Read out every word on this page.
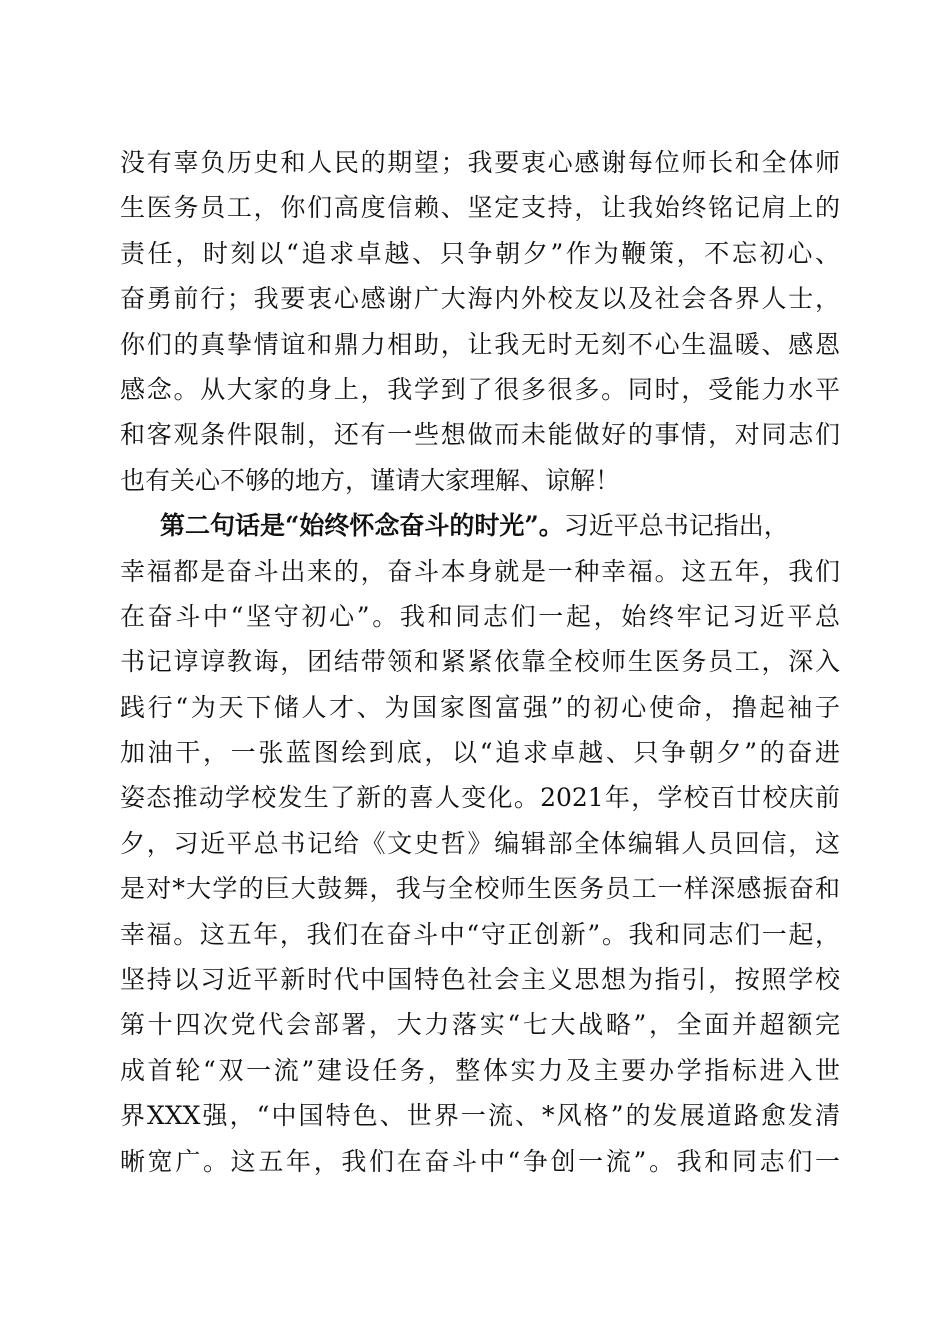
没有辜负历史和人民的期望；我要衷心感谢每位师长和全体师
生医务员工，你们高度信赖、坚定支持，让我始终铭记肩上的
责任，时刻以“追求卓越、只争朝夕”作为鞭策，不忘初心、
奋勇前行；我要衷心感谢广大海内外校友以及社会各界人士，
你们的真挚情谊和鼎力相助，让我无时无刻不心生温暖、感恩
感念。从大家的身上，我学到了很多很多。同时，受能力水平
和客观条件限制，还有一些想做而未能做好的事情，对同志们
也有关心不够的地方，谨请大家理解、谅解！
第二句话是“始终怀念奋斗的时光”。习近平总书记指出，
幸福都是奋斗出来的，奋斗本身就是一种幸福。这五年，我们
在奋斗中“坚守初心”。我和同志们一起，始终牢记习近平总
书记谆谆教诲，团结带领和紧紧依靠全校师生医务员工，深入
践行“为天下储人才、为国家图富强”的初心使命，撸起袖子
加油干，一张蓝图绘到底，以“追求卓越、只争朝夕”的奋进
姿态推动学校发生了新的喜人变化。2021年，学校百廿校庆前
夕，习近平总书记给《文史哲》编辑部全体编辑人员回信，这
是对*大学的巨大鼓舞，我与全校师生医务员工一样深感振奋和
幸福。这五年，我们在奋斗中“守正创新”。我和同志们一起，
坚持以习近平新时代中国特色社会主义思想为指引，按照学校
第十四次党代会部署，大力落实“七大战略”，全面并超额完
成首轮“双一流”建设任务，整体实力及主要办学指标进入世
界XXX强，“中国特色、世界一流、*风格”的发展道路愈发清
晰宽广。这五年，我们在奋斗中“争创一流”。我和同志们一
